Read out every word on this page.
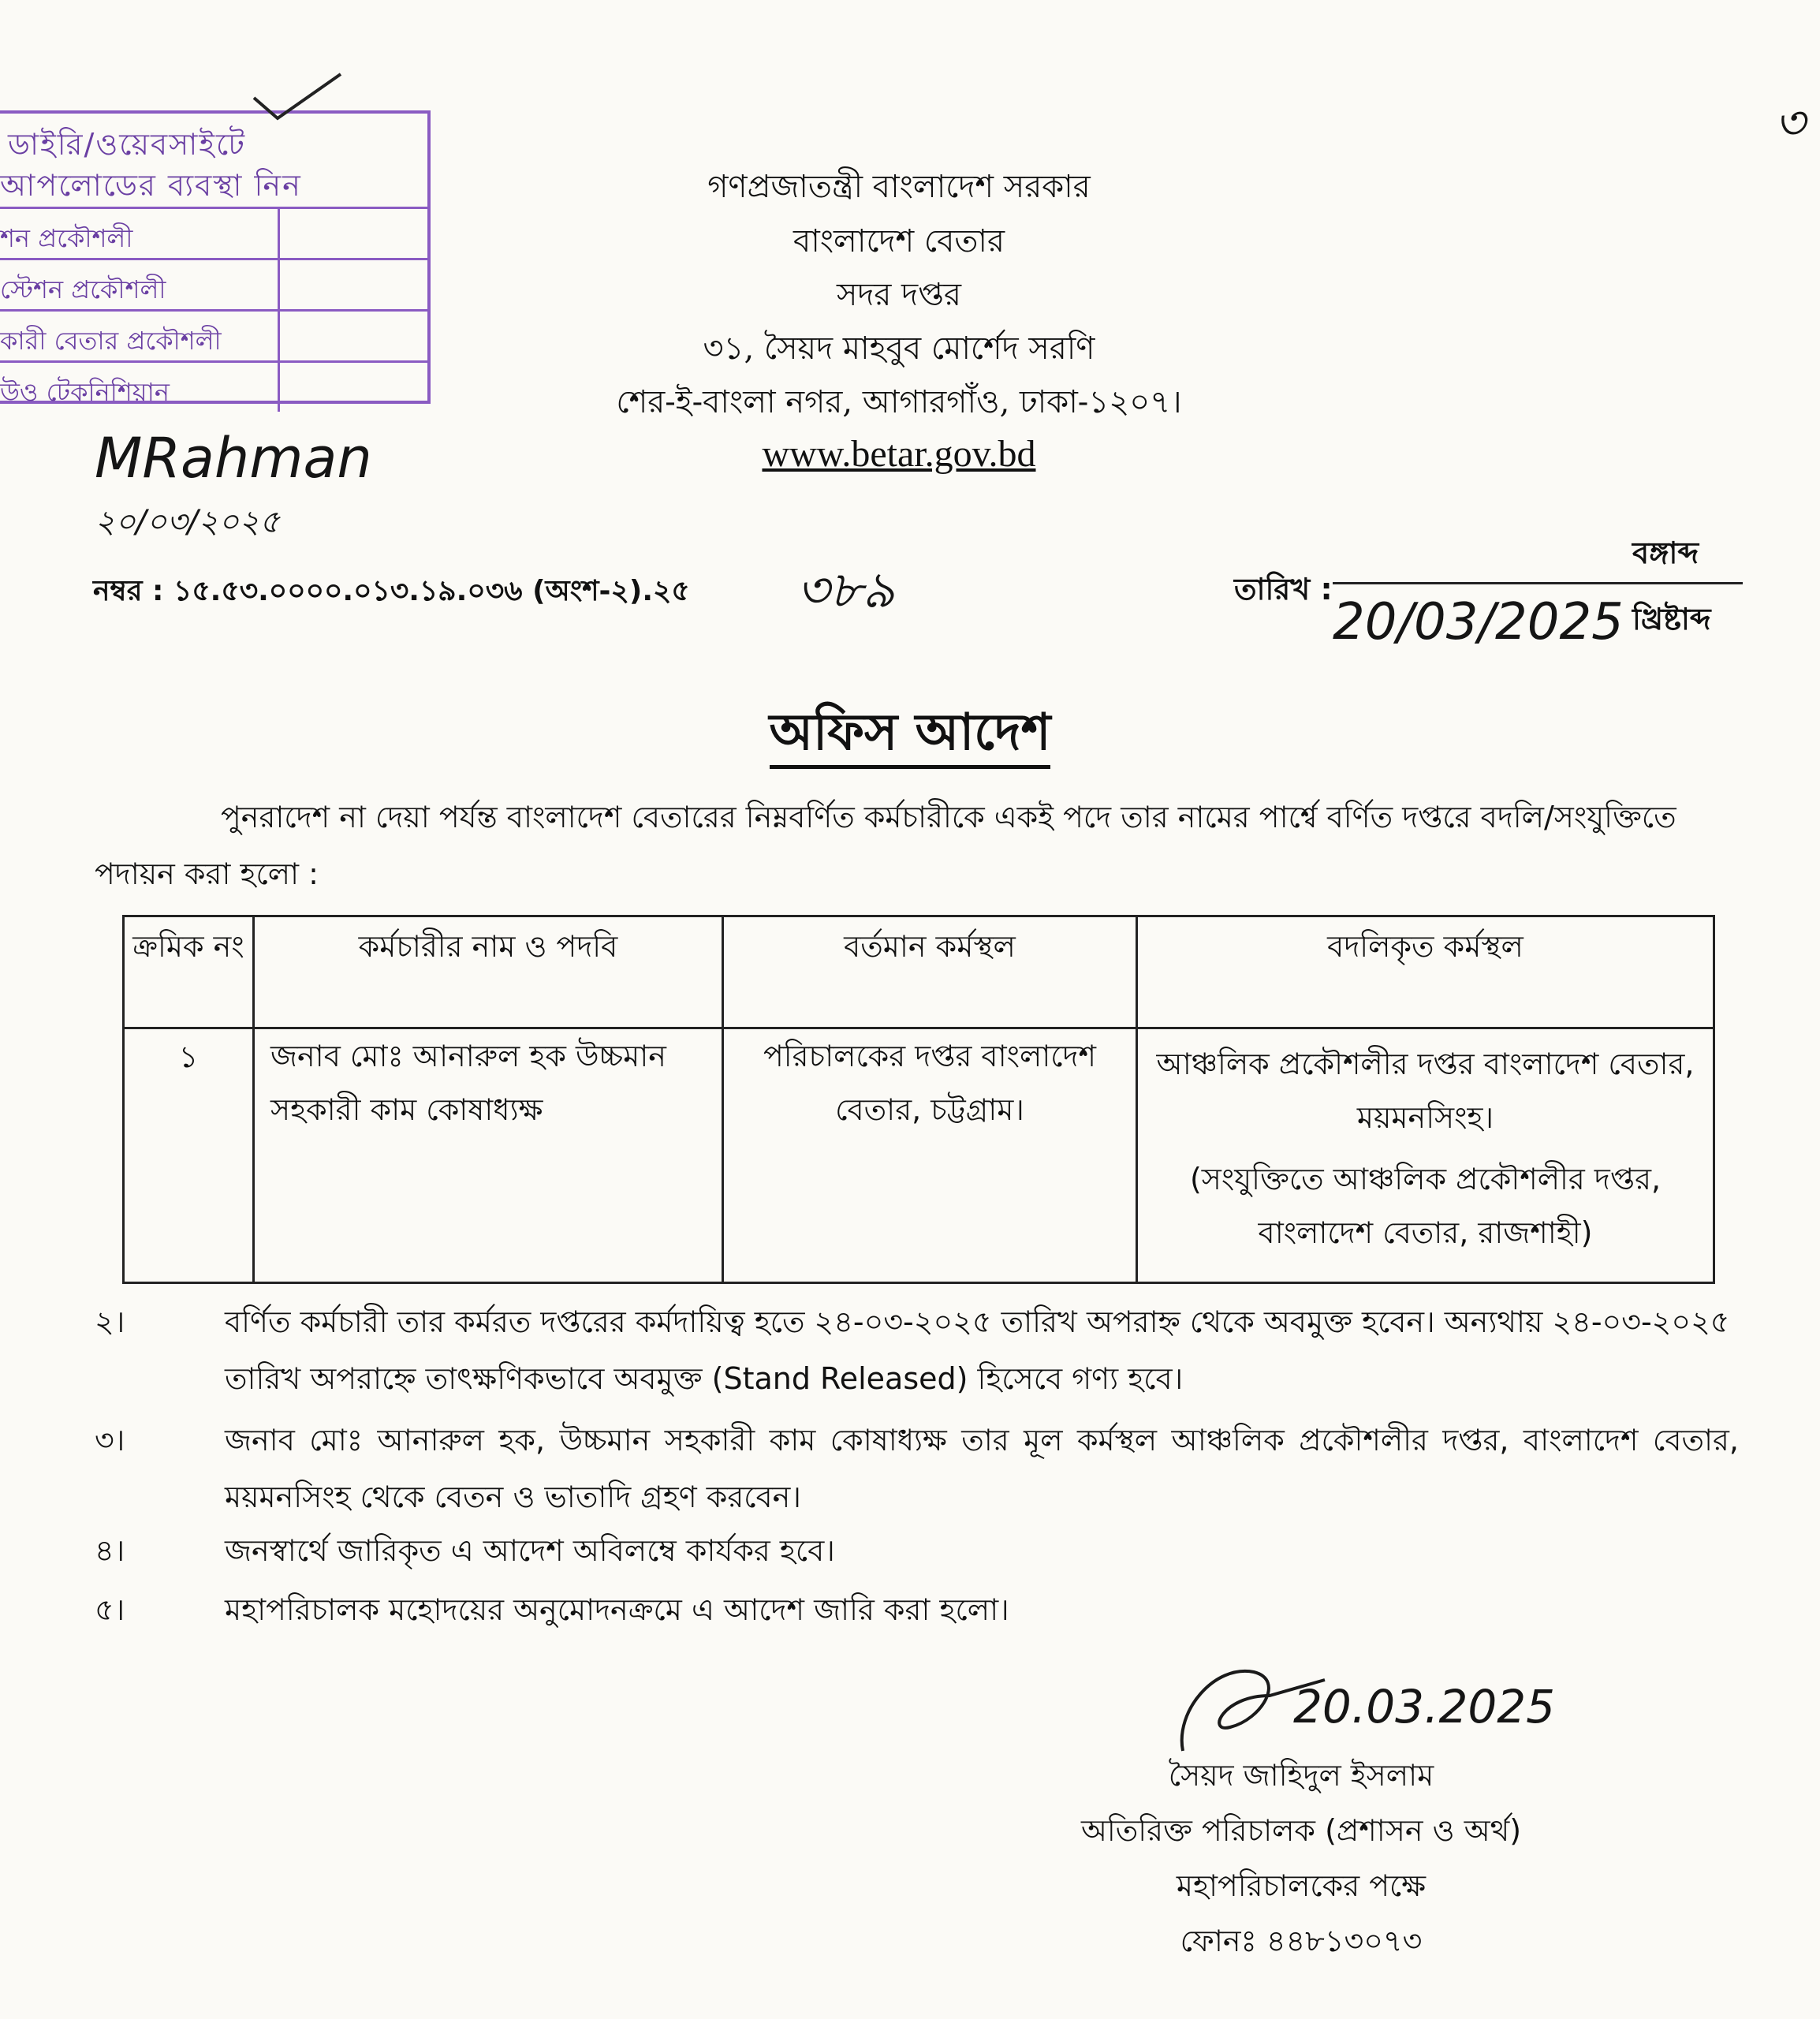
ডাইরি/ওয়েবসাইটে
আপলোডের ব্যবস্থা নিন
শন প্রকৌশলী
স্টেশন প্রকৌশলী
কারী বেতার প্রকৌশলী
উও টেকনিশিয়ান
MRahman
২০/০৩/২০২৫
৩
গণপ্রজাতন্ত্রী বাংলাদেশ সরকার
বাংলাদেশ বেতার
সদর দপ্তর
৩১, সৈয়দ মাহবুব মোর্শেদ সরণি
শের-ই-বাংলা নগর, আগারগাঁও, ঢাকা-১২০৭।
www.betar.gov.bd
নম্বর : ১৫.৫৩.০০০০.০১৩.১৯.০৩৬ (অংশ-২).২৫ ৩৮৯	তারিখ :
বঙ্গাব্দ
20/03/2025 খ্রিষ্টাব্দ
অফিস আদেশ
পুনরাদেশ না দেয়া পর্যন্ত বাংলাদেশ বেতারের নিম্নবর্ণিত কর্মচারীকে একই পদে তার নামের পার্শ্বে বর্ণিত দপ্তরে বদলি/সংযুক্তিতে পদায়ন করা হলো :
ক্রমিক নং	কর্মচারীর নাম ও পদবি	বর্তমান কর্মস্থল	বদলিকৃত কর্মস্থল
১	জনাব মোঃ আনারুল হক উচ্চমান সহকারী কাম কোষাধ্যক্ষ	পরিচালকের দপ্তর বাংলাদেশ বেতার, চট্টগ্রাম।	আঞ্চলিক প্রকৌশলীর দপ্তর বাংলাদেশ বেতার, ময়মনসিংহ।
(সংযুক্তিতে আঞ্চলিক প্রকৌশলীর দপ্তর, বাংলাদেশ বেতার, রাজশাহী)
২।	বর্ণিত কর্মচারী তার কর্মরত দপ্তরের কর্মদায়িত্ব হতে ২৪-০৩-২০২৫ তারিখ অপরাহ্ন থেকে অবমুক্ত হবেন। অন্যথায় ২৪-০৩-২০২৫ তারিখ অপরাহ্নে তাৎক্ষণিকভাবে অবমুক্ত (Stand Released) হিসেবে গণ্য হবে।
৩।	জনাব মোঃ আনারুল হক, উচ্চমান সহকারী কাম কোষাধ্যক্ষ তার মূল কর্মস্থল আঞ্চলিক প্রকৌশলীর দপ্তর, বাংলাদেশ বেতার, ময়মনসিংহ থেকে বেতন ও ভাতাদি গ্রহণ করবেন।
৪।	জনস্বার্থে জারিকৃত এ আদেশ অবিলম্বে কার্যকর হবে।
৫।	মহাপরিচালক মহোদয়ের অনুমোদনক্রমে এ আদেশ জারি করা হলো।
20.03.2025
সৈয়দ জাহিদুল ইসলাম
অতিরিক্ত পরিচালক (প্রশাসন ও অর্থ)
মহাপরিচালকের পক্ষে
ফোনঃ ৪৪৮১৩০৭৩
